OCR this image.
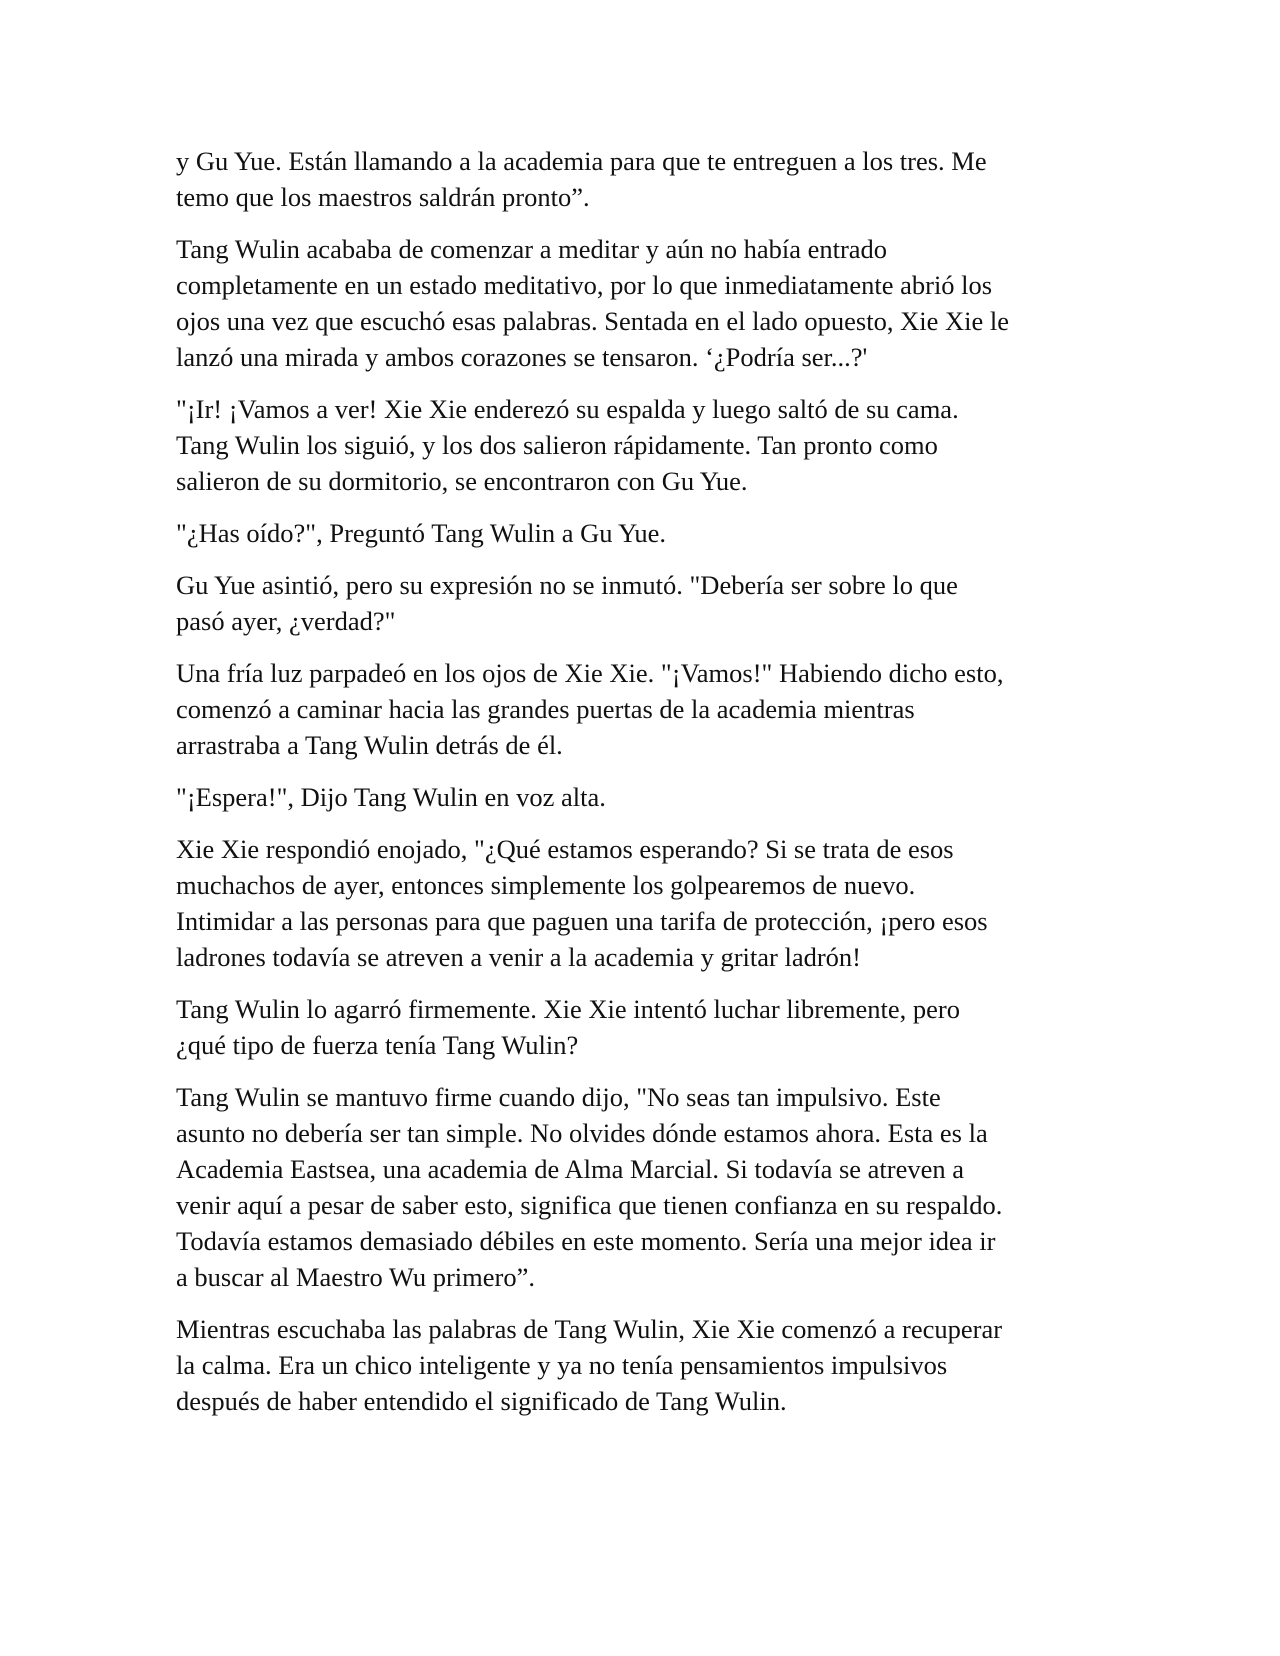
y Gu Yue. Están llamando a la academia para que te entreguen a los tres. Me
temo que los maestros saldrán pronto”.

Tang Wulin acababa de comenzar a meditar y aún no había entrado
completamente en un estado meditativo, por lo que inmediatamente abrió los
ojos una vez que escuchó esas palabras. Sentada en el lado opuesto, Xie Xie le
lanzó una mirada y ambos corazones se tensaron. ‘¿Podría ser...?'

"¡Ir! ¡Vamos a ver! Xie Xie enderezó su espalda y luego saltó de su cama.
Tang Wulin los siguió, y los dos salieron rápidamente. Tan pronto como
salieron de su dormitorio, se encontraron con Gu Yue.

"¿Has oído?", Preguntó Tang Wulin a Gu Yue.

Gu Yue asintió, pero su expresión no se inmutó. "Debería ser sobre lo que
pasó ayer, ¿verdad?"

Una fría luz parpadeó en los ojos de Xie Xie. "¡Vamos!" Habiendo dicho esto,
comenzó a caminar hacia las grandes puertas de la academia mientras
arrastraba a Tang Wulin detrás de él.

"¡Espera!", Dijo Tang Wulin en voz alta.

Xie Xie respondió enojado, "¿Qué estamos esperando? Si se trata de esos
muchachos de ayer, entonces simplemente los golpearemos de nuevo.
Intimidar a las personas para que paguen una tarifa de protección, ¡pero esos
ladrones todavía se atreven a venir a la academia y gritar ladrón!

Tang Wulin lo agarró firmemente. Xie Xie intentó luchar libremente, pero
¿qué tipo de fuerza tenía Tang Wulin?

Tang Wulin se mantuvo firme cuando dijo, "No seas tan impulsivo. Este
asunto no debería ser tan simple. No olvides dónde estamos ahora. Esta es la
Academia Eastsea, una academia de Alma Marcial. Si todavía se atreven a
venir aquí a pesar de saber esto, significa que tienen confianza en su respaldo.
Todavía estamos demasiado débiles en este momento. Sería una mejor idea ir
a buscar al Maestro Wu primero”.

Mientras escuchaba las palabras de Tang Wulin, Xie Xie comenzó a recuperar
la calma. Era un chico inteligente y ya no tenía pensamientos impulsivos
después de haber entendido el significado de Tang Wulin.
